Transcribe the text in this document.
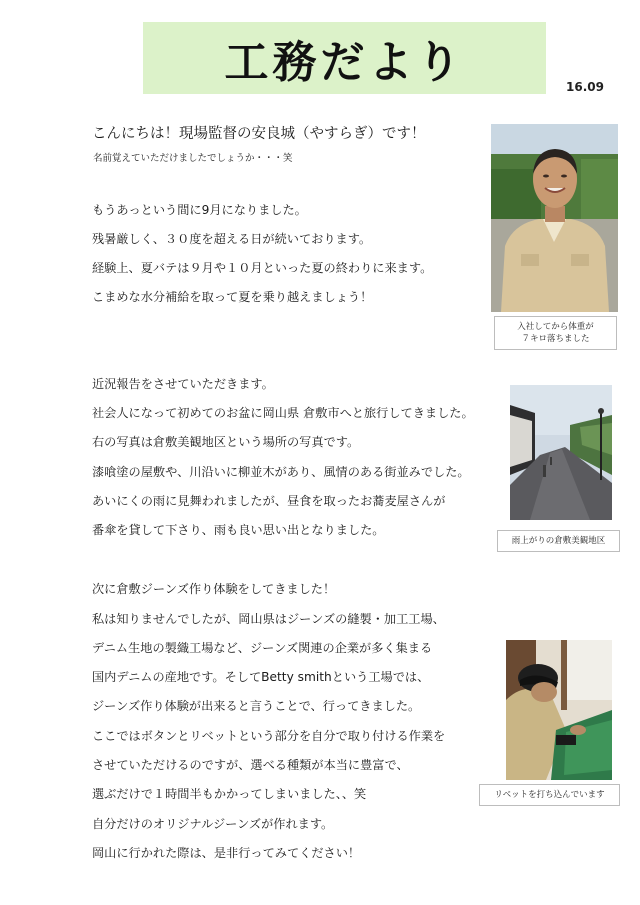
工務だより	16.09
こんにちは！現場監督の安良城（やすらぎ）です！
名前覚えていただけましたでしょうか・・・笑
もうあっという間に9月になりました。
残暑厳しく、３０度を超える日が続いております。
経験上、夏バテは９月や１０月といった夏の終わりに来ます。
こまめな水分補給を取って夏を乗り越えましょう！
入社してから体重が
７キロ落ちました
近況報告をさせていただきます。
社会人になって初めてのお盆に岡山県 倉敷市へと旅行してきました。
右の写真は倉敷美観地区という場所の写真です。
漆喰塗の屋敷や、川沿いに柳並木があり、風情のある街並みでした。
あいにくの雨に見舞われましたが、昼食を取ったお蕎麦屋さんが
番傘を貸して下さり、雨も良い思い出となりました。
雨上がりの倉敷美観地区
次に倉敷ジーンズ作り体験をしてきました！
私は知りませんでしたが、岡山県はジーンズの縫製・加工工場、
デニム生地の製織工場など、ジーンズ関連の企業が多く集まる
国内デニムの産地です。そしてBetty smithという工場では、
ジーンズ作り体験が出来ると言うことで、行ってきました。
ここではボタンとリベットという部分を自分で取り付ける作業を
させていただけるのですが、選べる種類が本当に豊富で、
選ぶだけで１時間半もかかってしまいました、、笑
自分だけのオリジナルジーンズが作れます。
岡山に行かれた際は、是非行ってみてください！
リベットを打ち込んでいます
